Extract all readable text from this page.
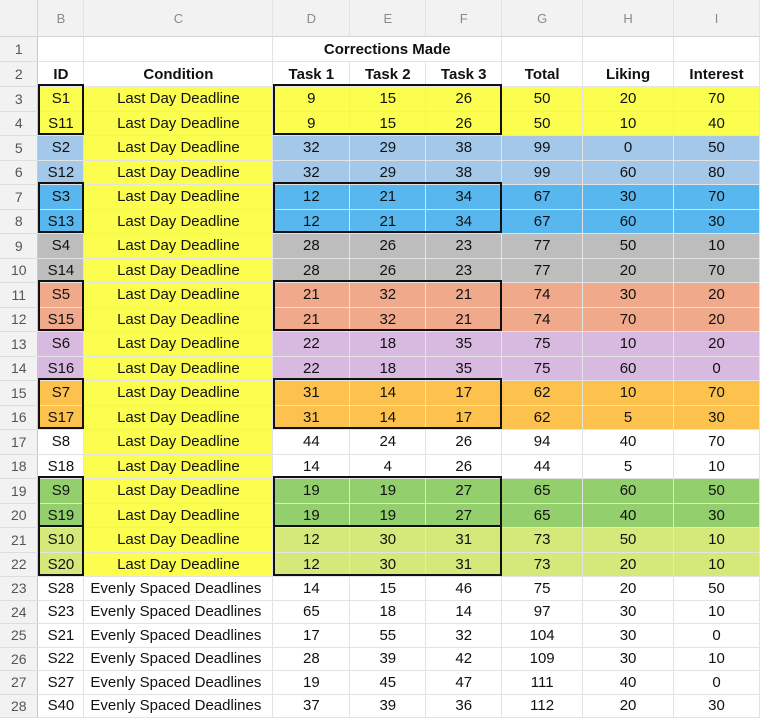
	B	C	D	E	F	G	H	I
1			Corrections Made					
2	ID	Condition	Task 1	Task 2	Task 3	Total	Liking	Interest
3	S1	Last Day Deadline	9	15	26	50	20	70
4	S11	Last Day Deadline	9	15	26	50	10	40
5	S2	Last Day Deadline	32	29	38	99	0	50
6	S12	Last Day Deadline	32	29	38	99	60	80
7	S3	Last Day Deadline	12	21	34	67	30	70
8	S13	Last Day Deadline	12	21	34	67	60	30
9	S4	Last Day Deadline	28	26	23	77	50	10
10	S14	Last Day Deadline	28	26	23	77	20	70
11	S5	Last Day Deadline	21	32	21	74	30	20
12	S15	Last Day Deadline	21	32	21	74	70	20
13	S6	Last Day Deadline	22	18	35	75	10	20
14	S16	Last Day Deadline	22	18	35	75	60	0
15	S7	Last Day Deadline	31	14	17	62	10	70
16	S17	Last Day Deadline	31	14	17	62	5	30
17	S8	Last Day Deadline	44	24	26	94	40	70
18	S18	Last Day Deadline	14	4	26	44	5	10
19	S9	Last Day Deadline	19	19	27	65	60	50
20	S19	Last Day Deadline	19	19	27	65	40	30
21	S10	Last Day Deadline	12	30	31	73	50	10
22	S20	Last Day Deadline	12	30	31	73	20	10
23	S28	Evenly Spaced Deadlines	14	15	46	75	20	50
24	S23	Evenly Spaced Deadlines	65	18	14	97	30	10
25	S21	Evenly Spaced Deadlines	17	55	32	104	30	0
26	S22	Evenly Spaced Deadlines	28	39	42	109	30	10
27	S27	Evenly Spaced Deadlines	19	45	47	111	40	0
28	S40	Evenly Spaced Deadlines	37	39	36	112	20	30
